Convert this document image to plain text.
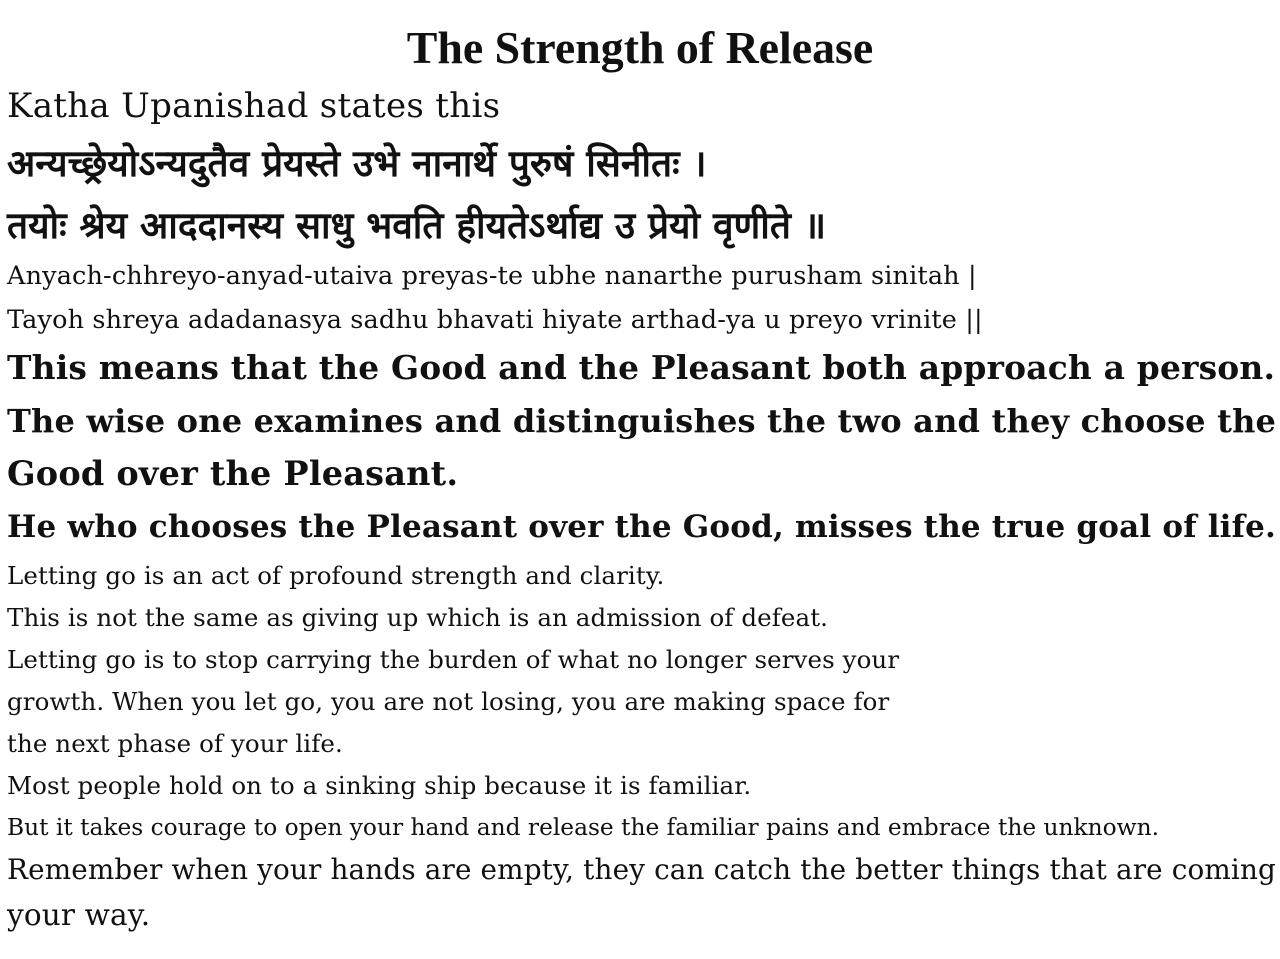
The Strength of Release

Katha Upanishad states this

अन्यच्छ्रेयोऽन्यदुतैव प्रेयस्ते उभे नानार्थे पुरुषं सिनीतः ।

तयोः श्रेय आददानस्य साधु भवति हीयतेऽर्थाद्य उ प्रेयो वृणीते ॥

Anyach-chhreyo-anyad-utaiva preyas-te ubhe nanarthe purusham sinitah |

Tayoh shreya adadanasya sadhu bhavati hiyate arthad-ya u preyo vrinite ||

This means that the Good and the Pleasant both approach a person.

The wise one examines and distinguishes the two and they choose the

Good over the Pleasant.

He who chooses the Pleasant over the Good, misses the true goal of life.

Letting go is an act of profound strength and clarity.

This is not the same as giving up which is an admission of defeat.

Letting go is to stop carrying the burden of what no longer serves your

growth. When you let go, you are not losing, you are making space for

the next phase of your life.

Most people hold on to a sinking ship because it is familiar.

But it takes courage to open your hand and release the familiar pains and embrace the unknown.

Remember when your hands are empty, they can catch the better things that are coming

your way.
